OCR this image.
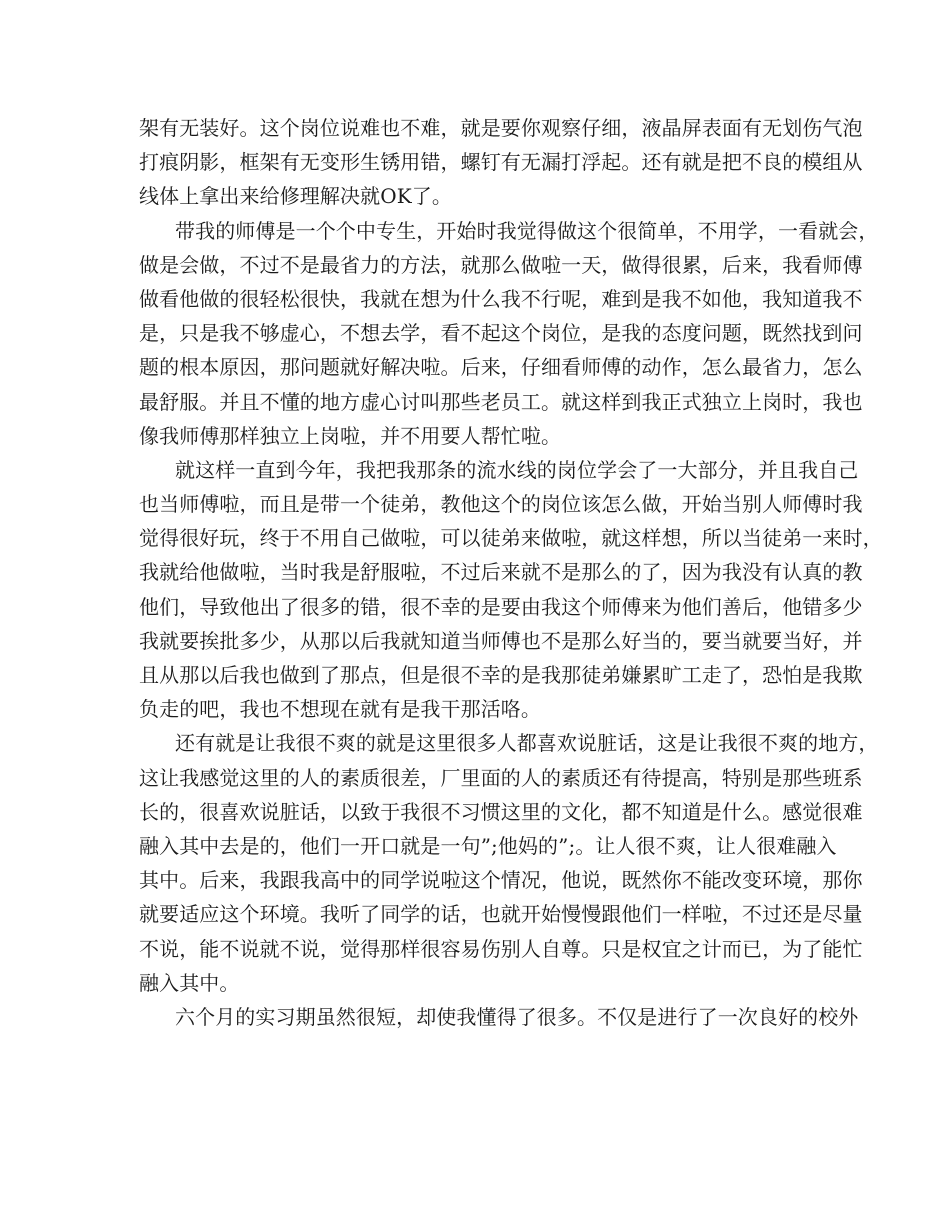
架有无装好。这个岗位说难也不难，就是要你观察仔细，液晶屏表面有无划伤气泡
打痕阴影，框架有无变形生锈用错，螺钉有无漏打浮起。还有就是把不良的模组从
线体上拿出来给修理解决就OK了。
带我的师傅是一个个中专生，开始时我觉得做这个很简单，不用学，一看就会，
做是会做，不过不是最省力的方法，就那么做啦一天，做得很累，后来，我看师傅
做看他做的很轻松很快，我就在想为什么我不行呢，难到是我不如他，我知道我不
是，只是我不够虚心，不想去学，看不起这个岗位，是我的态度问题，既然找到问
题的根本原因，那问题就好解决啦。后来，仔细看师傅的动作，怎么最省力，怎么
最舒服。并且不懂的地方虚心讨叫那些老员工。就这样到我正式独立上岗时，我也
像我师傅那样独立上岗啦，并不用要人帮忙啦。
就这样一直到今年，我把我那条的流水线的岗位学会了一大部分，并且我自己
也当师傅啦，而且是带一个徒弟，教他这个的岗位该怎么做，开始当别人师傅时我
觉得很好玩，终于不用自己做啦，可以徒弟来做啦，就这样想，所以当徒弟一来时，
我就给他做啦，当时我是舒服啦，不过后来就不是那么的了，因为我没有认真的教
他们，导致他出了很多的错，很不幸的是要由我这个师傅来为他们善后，他错多少
我就要挨批多少，从那以后我就知道当师傅也不是那么好当的，要当就要当好，并
且从那以后我也做到了那点，但是很不幸的是我那徒弟嫌累旷工走了，恐怕是我欺
负走的吧，我也不想现在就有是我干那活咯。
还有就是让我很不爽的就是这里很多人都喜欢说脏话，这是让我很不爽的地方，
这让我感觉这里的人的素质很差，厂里面的人的素质还有待提高，特别是那些班系
长的，很喜欢说脏话，以致于我很不习惯这里的文化，都不知道是什么。感觉很难
融入其中去是的，他们一开口就是一句”;他妈的”;。让人很不爽，让人很难融入
其中。后来，我跟我高中的同学说啦这个情况，他说，既然你不能改变环境，那你
就要适应这个环境。我听了同学的话，也就开始慢慢跟他们一样啦，不过还是尽量
不说，能不说就不说，觉得那样很容易伤别人自尊。只是权宜之计而已，为了能忙
融入其中。
六个月的实习期虽然很短，却使我懂得了很多。不仅是进行了一次良好的校外
